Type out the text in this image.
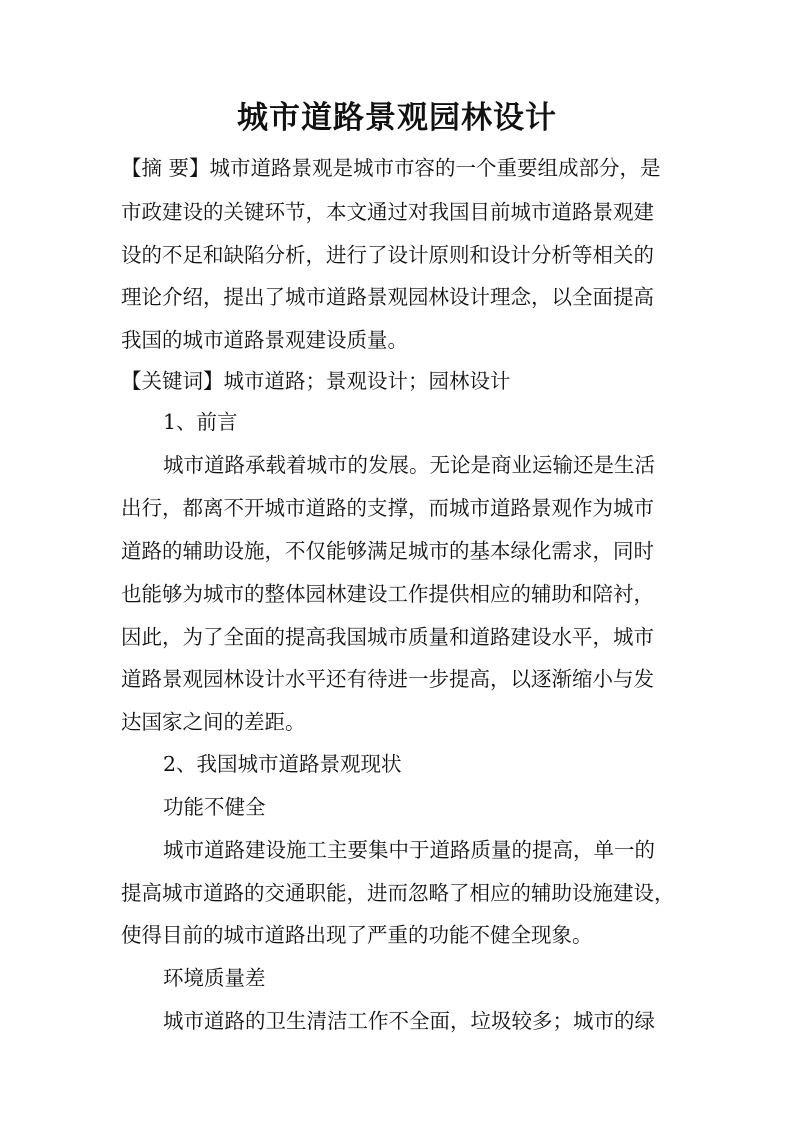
城市道路景观园林设计

【摘 要】城市道路景观是城市市容的一个重要组成部分，是

市政建设的关键环节，本文通过对我国目前城市道路景观建

设的不足和缺陷分析，进行了设计原则和设计分析等相关的

理论介绍，提出了城市道路景观园林设计理念，以全面提高

我国的城市道路景观建设质量。

【关键词】城市道路；景观设计；园林设计

1、前言

城市道路承载着城市的发展。无论是商业运输还是生活

出行，都离不开城市道路的支撑，而城市道路景观作为城市

道路的辅助设施，不仅能够满足城市的基本绿化需求，同时

也能够为城市的整体园林建设工作提供相应的辅助和陪衬，

因此，为了全面的提高我国城市质量和道路建设水平，城市

道路景观园林设计水平还有待进一步提高，以逐渐缩小与发

达国家之间的差距。

2、我国城市道路景观现状

功能不健全

城市道路建设施工主要集中于道路质量的提高，单一的

提高城市道路的交通职能，进而忽略了相应的辅助设施建设，

使得目前的城市道路出现了严重的功能不健全现象。

环境质量差

城市道路的卫生清洁工作不全面，垃圾较多；城市的绿
